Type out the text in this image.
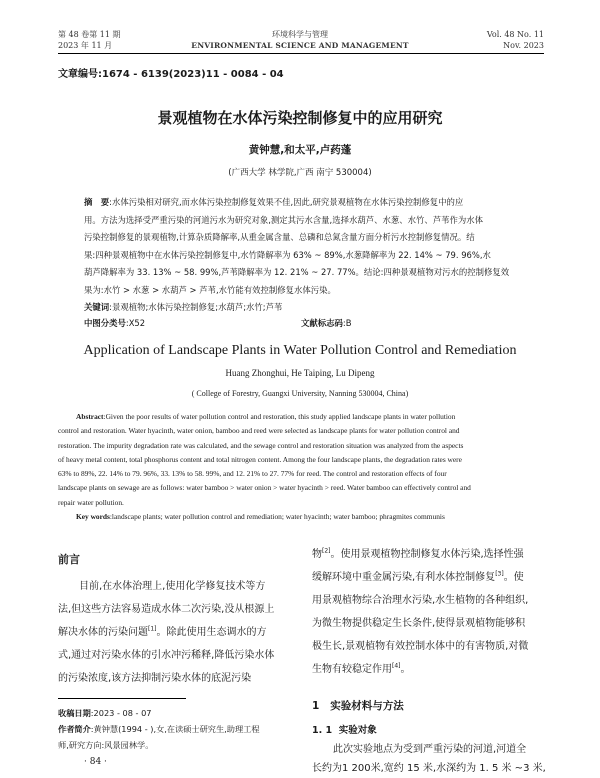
第 48 卷第 11 期
2023 年 11 月
环境科学与管理
ENVIRONMENTAL SCIENCE AND MANAGEMENT
Vol. 48 No. 11
Nov. 2023
文章编号:1674 - 6139(2023)11 - 0084 - 04
景观植物在水体污染控制修复中的应用研究
黄钟慧,和太平,卢药蓬
(广西大学 林学院,广西 南宁 530004)
摘　要:水体污染相对研究,而水体污染控制修复效果不佳,因此,研究景观植物在水体污染控制修复中的应
用。方法为选择受严重污染的河道污水为研究对象,测定其污水含量,选择水葫芦、水葱、水竹、芦苇作为水体
污染控制修复的景观植物,计算杂质降解率,从重金属含量、总磷和总氮含量方面分析污水控制修复情况。结
果:四种景观植物中在水体污染控制修复中,水竹降解率为 63% ~ 89%,水葱降解率为 22. 14% ~ 79. 96%,水
葫芦降解率为 33. 13% ~ 58. 99%,芦苇降解率为 12. 21% ~ 27. 77%。结论:四种景观植物对污水的控制修复效
果为:水竹 > 水葱 > 水葫芦 > 芦苇,水竹能有效控制修复水体污染。
关键词:景观植物;水体污染控制修复;水葫芦;水竹;芦苇
中图分类号:X52	文献标志码:B
Application of Landscape Plants in Water Pollution Control and Remediation
Huang Zhonghui, He Taiping, Lu Dipeng
( College of Forestry, Guangxi University, Nanning 530004, China)
Abstract:Given the poor results of water pollution control and restoration, this study applied landscape plants in water pollution
control and restoration. Water hyacinth, water onion, bamboo and reed were selected as landscape plants for water pollution control and
restoration. The impurity degradation rate was calculated, and the sewage control and restoration situation was analyzed from the aspects
of heavy metal content, total phosphorus content and total nitrogen content. Among the four landscape plants, the degradation rates were
63% to 89%, 22. 14% to 79. 96%, 33. 13% to 58. 99%, and 12. 21% to 27. 77% for reed. The control and restoration effects of four
landscape plants on sewage are as follows: water bamboo > water onion > water hyacinth > reed. Water bamboo can effectively control and
repair water pollution.
Key words:landscape plants; water pollution control and remediation; water hyacinth; water bamboo; phragmites communis
前言
目前,在水体治理上,使用化学修复技术等方
法,但这些方法容易造成水体二次污染,没从根源上
解决水体的污染问题[1]。除此使用生态调水的方
式,通过对污染水体的引水冲污稀释,降低污染水体
的污染浓度,该方法抑制污染水体的底泥污染
收稿日期:2023 - 08 - 07
作者简介:黄钟慧(1994 - ),女,在读硕士研究生,助理工程
师,研究方向:风景园林学。
· 84 ·
物[2]。使用景观植物控制修复水体污染,选择性强
缓解环境中重金属污染,有利水体控制修复[3]。使
用景观植物综合治理水污染,水生植物的各种组织,
为微生物提供稳定生长条件,使得景观植物能够积
极生长,景观植物有效控制水体中的有害物质,对微
生物有较稳定作用[4]。
1 实验材料与方法
1. 1 实验对象
此次实验地点为受到严重污染的河道,河道全
长约为1 200米,宽约 15 米,水深约为 1. 5 米 ~3 米,
